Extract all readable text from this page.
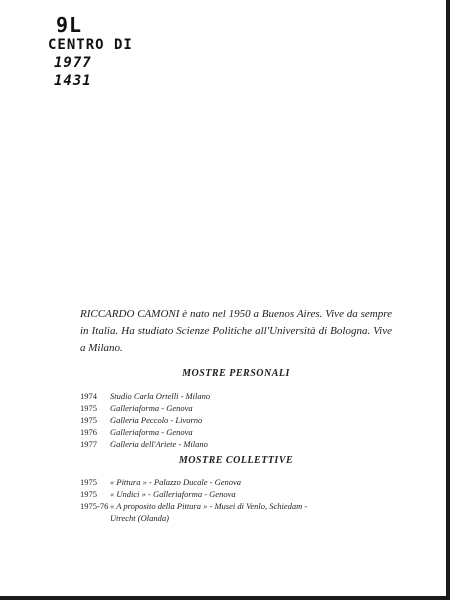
9L
CENTRO DI
1977
1431

RICCARDO CAMONI è nato nel 1950 a Buenos Aires. Vive da sempre in Italia. Ha studiato Scienze Politiche all'Università di Bologna. Vive a Milano.

MOSTRE PERSONALI
1974	Studio Carla Ortelli - Milano
1975	Galleriaforma - Genova
1975	Galleria Peccolo - Livorno
1976	Galleriaforma - Genova
1977	Galleria dell'Ariete - Milano
MOSTRE COLLETTIVE
1975	« Pittura » - Palazzo Ducale - Genova
1975	« Undici » - Galleriaforma - Genova
1975-76 « A proposito della Pittura » - Musei di Venlo, Schiedam -
Utrecht (Olanda)
